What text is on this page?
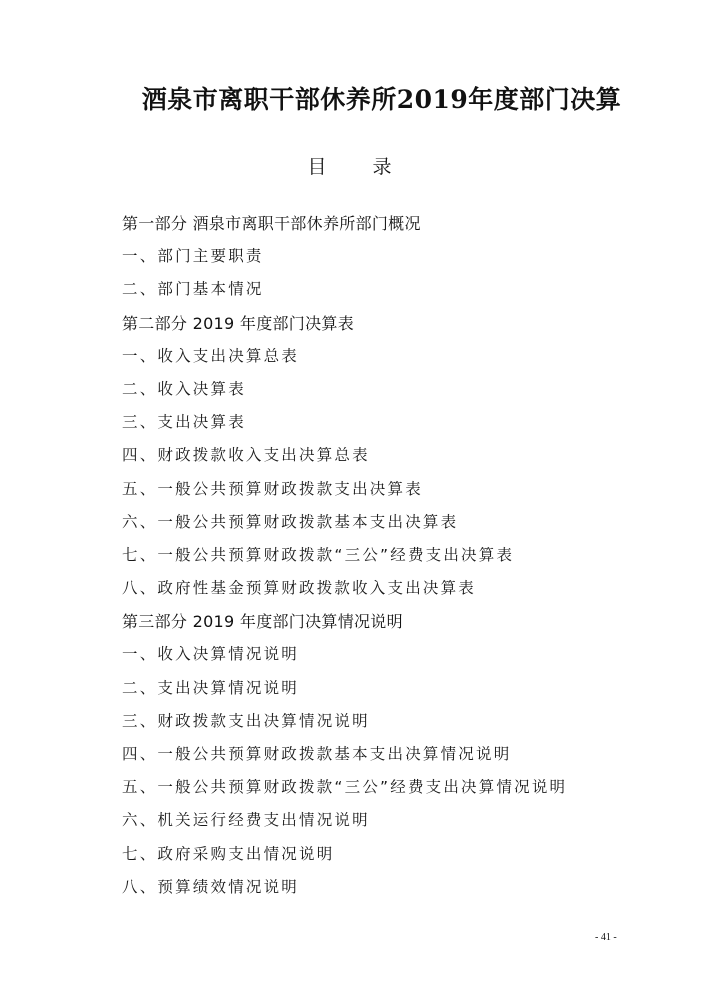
酒泉市离职干部休养所2019年度部门决算
目录
第一部分 酒泉市离职干部休养所部门概况
一、部门主要职责
二、部门基本情况
第二部分 2019 年度部门决算表
一、收入支出决算总表
二、收入决算表
三、支出决算表
四、财政拨款收入支出决算总表
五、一般公共预算财政拨款支出决算表
六、一般公共预算财政拨款基本支出决算表
七、一般公共预算财政拨款“三公”经费支出决算表
八、政府性基金预算财政拨款收入支出决算表
第三部分 2019 年度部门决算情况说明
一、收入决算情况说明
二、支出决算情况说明
三、财政拨款支出决算情况说明
四、一般公共预算财政拨款基本支出决算情况说明
五、一般公共预算财政拨款“三公”经费支出决算情况说明
六、机关运行经费支出情况说明
七、政府采购支出情况说明
八、预算绩效情况说明
- 41 -
